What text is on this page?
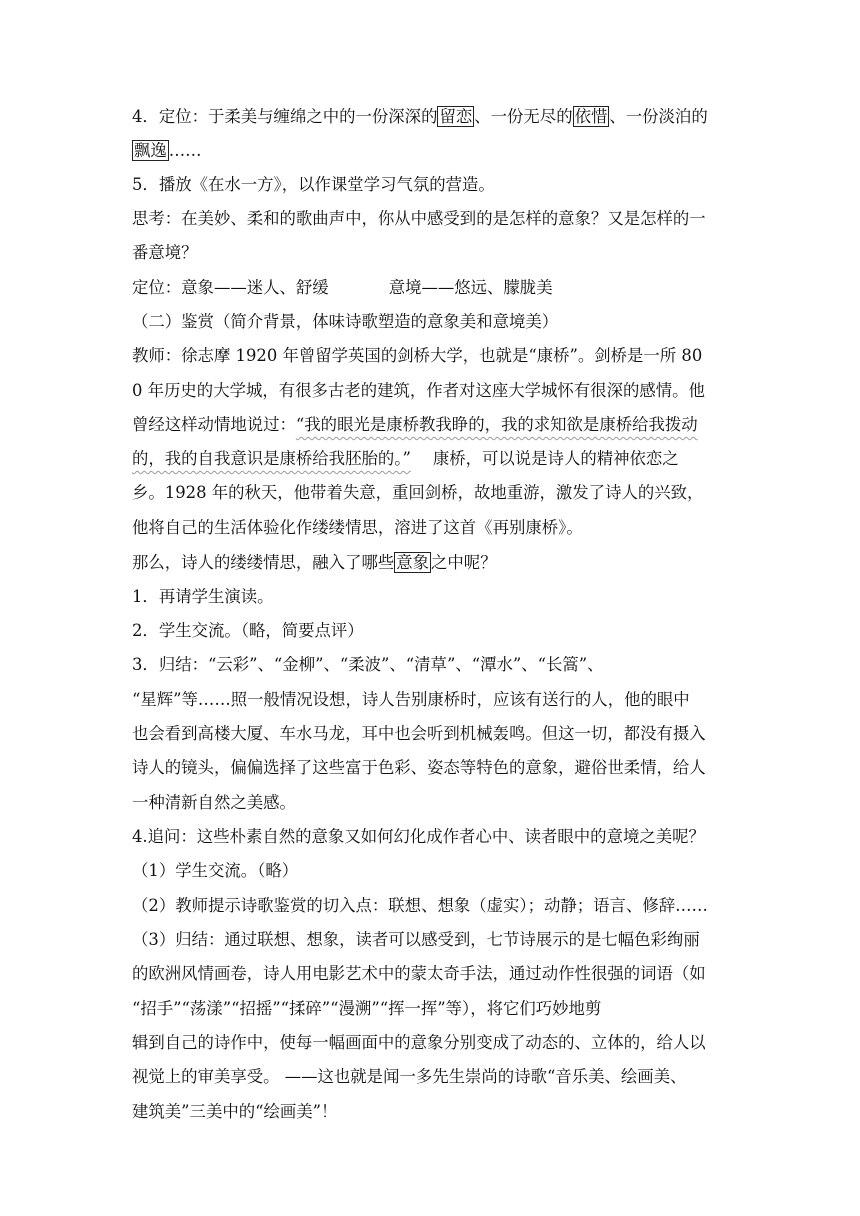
4．定位：于柔美与缠绵之中的一份深深的 留恋 、一份无尽的 依惜 、一份淡泊的
飘逸 ……
5．播放《在水一方》，以作课堂学习气氛的营造。
思考：在美妙、柔和的歌曲声中，你从中感受到的是怎样的意象？又是怎样的一
番意境？
定位：意象——迷人、舒缓	意境——悠远、朦胧美
（二）鉴赏（简介背景，体味诗歌塑造的意象美和意境美）
教师：徐志摩 1920 年曾留学英国的剑桥大学，也就是“康桥”。剑桥是一所 80
0 年历史的大学城，有很多古老的建筑，作者对这座大学城怀有很深的感情。他
曾经这样动情地说过：“我的眼光是康桥教我睁的，我的求知欲是康桥给我拨动
的，我的自我意识是康桥给我胚胎的。” 康桥，可以说是诗人的精神依恋之
乡。1928 年的秋天，他带着失意，重回剑桥，故地重游，激发了诗人的兴致，
他将自己的生活体验化作缕缕情思，溶进了这首《再别康桥》。
那么，诗人的缕缕情思，融入了哪些 意象 之中呢？
1．再请学生演读。
2．学生交流。（略，简要点评）
3．归结：“云彩”、“金柳”、“柔波”、“清草”、“潭水”、“长篙”、
“星辉”等……照一般情况设想，诗人告别康桥时，应该有送行的人，他的眼中
也会看到高楼大厦、车水马龙，耳中也会听到机械轰鸣。但这一切，都没有摄入
诗人的镜头，偏偏选择了这些富于色彩、姿态等特色的意象，避俗世柔情，给人
一种清新自然之美感。
4.追问：这些朴素自然的意象又如何幻化成作者心中、读者眼中的意境之美呢？
（1）学生交流。（略）
（2）教师提示诗歌鉴赏的切入点：联想、想象（虚实）；动静；语言、修辞……
（3）归结：通过联想、想象，读者可以感受到，七节诗展示的是七幅色彩绚丽
的欧洲风情画卷，诗人用电影艺术中的蒙太奇手法，通过动作性很强的词语（如
“招手”“荡漾”“招摇”“揉碎”“漫溯”“挥一挥”等），将它们巧妙地剪
辑到自己的诗作中，使每一幅画面中的意象分别变成了动态的、立体的，给人以
视觉上的审美享受。 ——这也就是闻一多先生崇尚的诗歌“音乐美、绘画美、
建筑美”三美中的“绘画美”！
